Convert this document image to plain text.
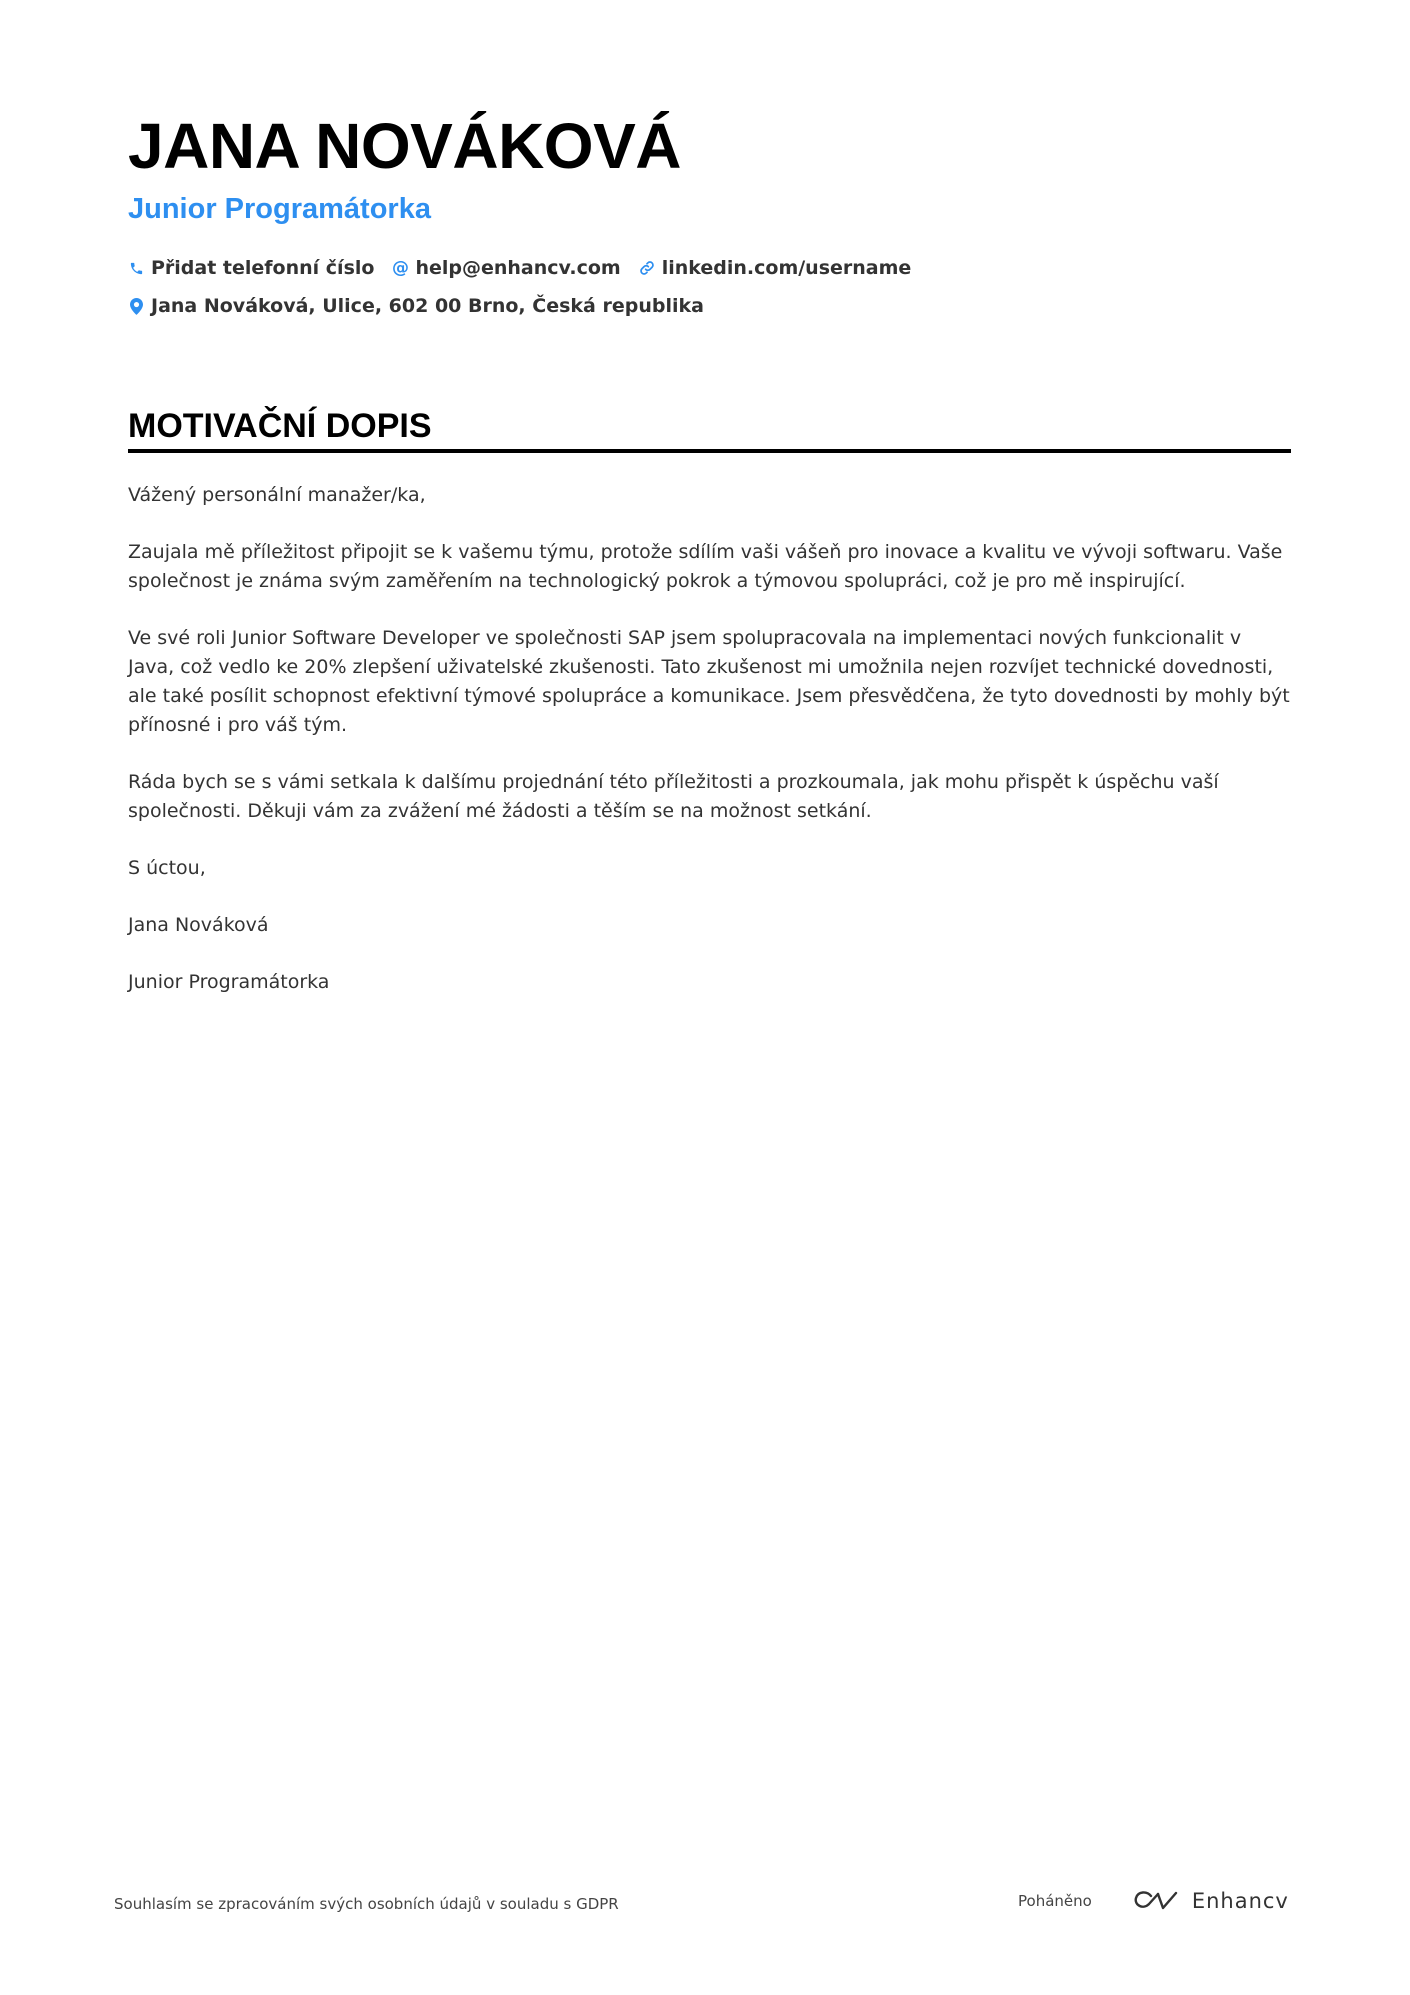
JANA NOVÁKOVÁ
Junior Programátorka
Přidat telefonní číslo @ help@enhancv.com linkedin.com/username
Jana Nováková, Ulice, 602 00 Brno, Česká republika
MOTIVAČNÍ DOPIS

Vážený personální manažer/ka,

Zaujala mě příležitost připojit se k vašemu týmu, protože sdílím vaši vášeň pro inovace a kvalitu ve vývoji softwaru. Vaše společnost je známa svým zaměřením na technologický pokrok a týmovou spolupráci, což je pro mě inspirující.

Ve své roli Junior Software Developer ve společnosti SAP jsem spolupracovala na implementaci nových funkcionalit v Java, což vedlo ke 20% zlepšení uživatelské zkušenosti. Tato zkušenost mi umožnila nejen rozvíjet technické dovednosti, ale také posílit schopnost efektivní týmové spolupráce a komunikace. Jsem přesvědčena, že tyto dovednosti by mohly být přínosné i pro váš tým.

Ráda bych se s vámi setkala k dalšímu projednání této příležitosti a prozkoumala, jak mohu přispět k úspěchu vaší společnosti. Děkuji vám za zvážení mé žádosti a těším se na možnost setkání.

S úctou,

Jana Nováková

Junior Programátorka

Souhlasím se zpracováním svých osobních údajů v souladu s GDPR	Poháněno	Enhancv
